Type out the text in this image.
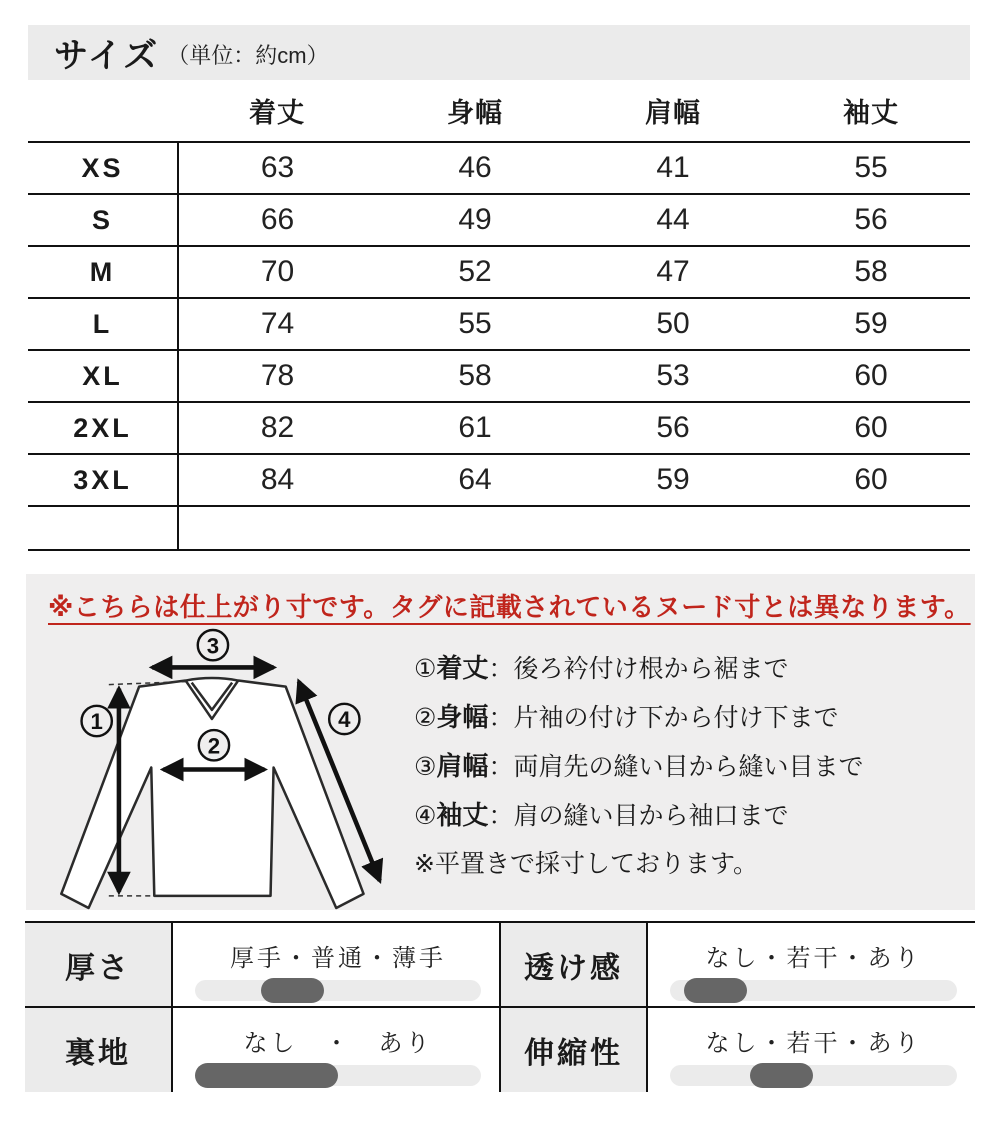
サイズ （単位：約cm）
	着丈	身幅	肩幅	袖丈
XS	63	46	41	55
S	66	49	44	56
M	70	52	47	58
L	74	55	50	59
XL	78	58	53	60
2XL	82	61	56	60
3XL	84	64	59	60

※こちらは仕上がり寸です。タグに記載されているヌード寸とは異なります。
3
1
2
4
①着丈：後ろ衿付け根から裾まで
②身幅：片袖の付け下から付け下まで
③肩幅：両肩先の縫い目から縫い目まで
④袖丈：肩の縫い目から袖口まで
※平置きで採寸しております。
厚さ	厚手・普通・薄手	透け感	なし・若干・あり

裏地	なし　・　あり	伸縮性	なし・若干・あり
